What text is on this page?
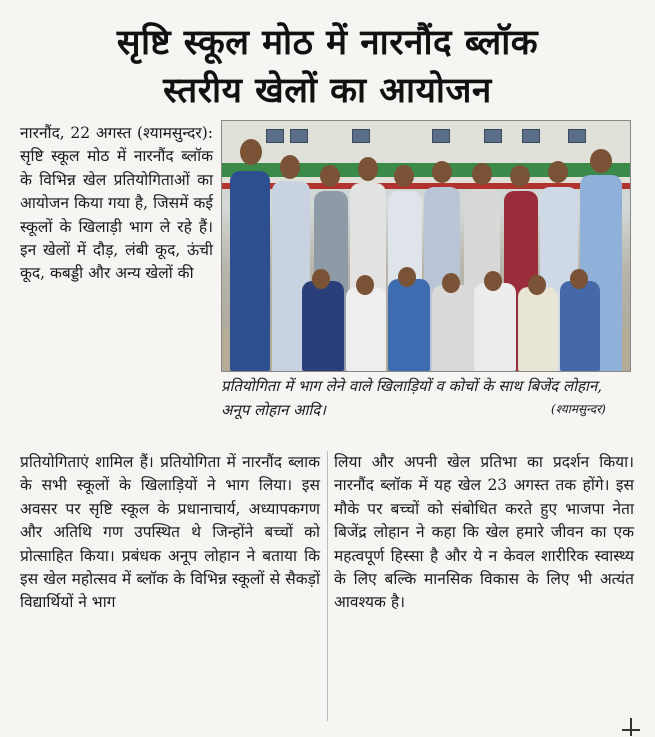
सृष्टि स्कूल मोठ में नारनौंद ब्लॉक
स्तरीय खेलों का आयोजन

नारनौंद, 22 अगस्त (श्यामसुन्दर): सृष्टि स्कूल मोठ में नारनौंद ब्लॉक के विभिन्न खेल प्रतियोगिताओं का आयोजन किया गया है, जिसमें कई स्कूलों के खिलाड़ी भाग ले रहे हैं। इन खेलों में दौड़, लंबी कूद, ऊंची कूद, कबड्डी और अन्य खेलों की

प्रतियोगिता में भाग लेने वाले खिलाड़ियों व कोचों के साथ बिजेंद लोहान, अनूप लोहान आदि।	(श्यामसुन्दर)

प्रतियोगिताएं शामिल हैं। प्रतियोगिता में नारनौंद ब्लाक के सभी स्कूलों के खिलाड़ियों ने भाग लिया। इस अवसर पर सृष्टि स्कूल के प्रधानाचार्य, अध्यापकगण और अतिथि गण उपस्थित थे जिन्होंने बच्चों को प्रोत्साहित किया। प्रबंधक अनूप लोहान ने बताया कि इस खेल महोत्सव में ब्लॉक के विभिन्न स्कूलों से सैकड़ों विद्यार्थियों ने भाग

लिया और अपनी खेल प्रतिभा का प्रदर्शन किया। नारनौंद ब्लॉक में यह खेल 23 अगस्त तक होंगे। इस मौके पर बच्चों को संबोधित करते हुए भाजपा नेता बिजेंद्र लोहान ने कहा कि खेल हमारे जीवन का एक महत्वपूर्ण हिस्सा है और ये न केवल शारीरिक स्वास्थ्य के लिए बल्कि मानसिक विकास के लिए भी अत्यंत आवश्यक है।
